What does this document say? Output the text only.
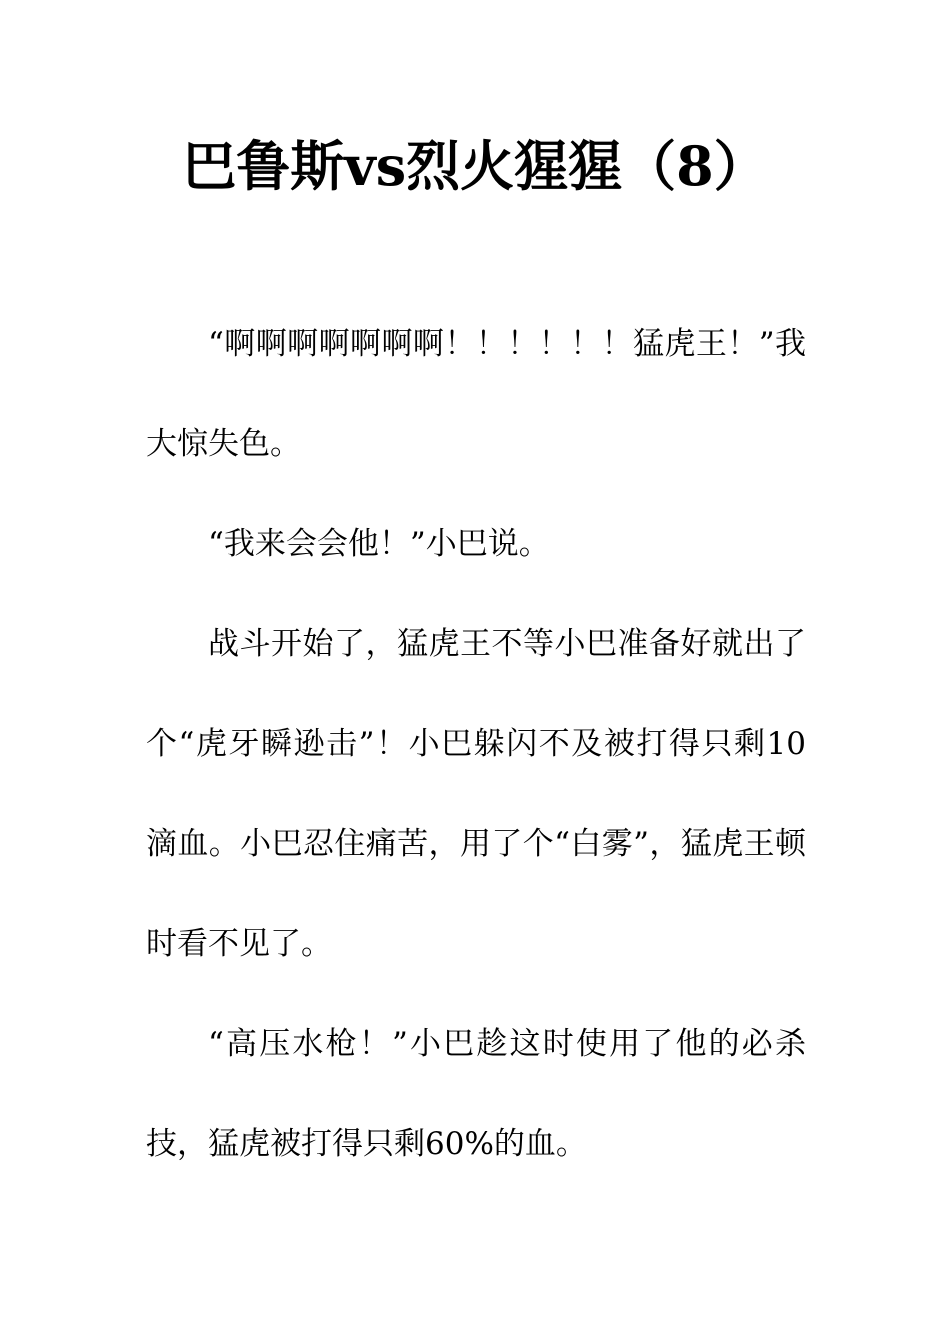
巴鲁斯vs烈火猩猩（8）

“啊啊啊啊啊啊啊！！！！！！猛虎王！”我大惊失色。

“我来会会他！”小巴说。

战斗开始了，猛虎王不等小巴准备好就出了个“虎牙瞬逊击”！小巴躲闪不及被打得只剩10滴血。小巴忍住痛苦，用了个“白雾”，猛虎王顿时看不见了。

“高压水枪！”小巴趁这时使用了他的必杀技，猛虎被打得只剩60%的血。
